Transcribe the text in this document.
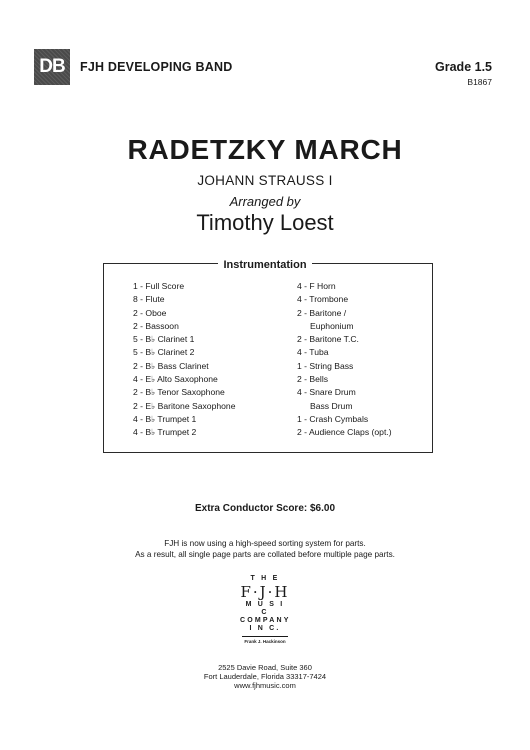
DB	FJH DEVELOPING BAND	Grade 1.5
B1867
RADETZKY MARCH
JOHANN STRAUSS I
Arranged by
Timothy Loest
Instrumentation
1 - Full Score
8 - Flute
2 - Oboe
2 - Bassoon
5 - B♭ Clarinet 1
5 - B♭ Clarinet 2
2 - B♭ Bass Clarinet
4 - E♭ Alto Saxophone
2 - B♭ Tenor Saxophone
2 - E♭ Baritone Saxophone
4 - B♭ Trumpet 1
4 - B♭ Trumpet 2
4 - F Horn
4 - Trombone
2 - Baritone /
Euphonium
2 - Baritone T.C.
4 - Tuba
1 - String Bass
2 - Bells
4 - Snare Drum
Bass Drum
1 - Crash Cymbals
2 - Audience Claps (opt.)
Extra Conductor Score: $6.00
FJH is now using a high-speed sorting system for parts.
As a result, all single page parts are collated before multiple page parts.
T H E
F·J·H
M U S I C
COMPANY
I N C.
Frank J. Hackinson
2525 Davie Road, Suite 360
Fort Lauderdale, Florida 33317-7424
www.fjhmusic.com
